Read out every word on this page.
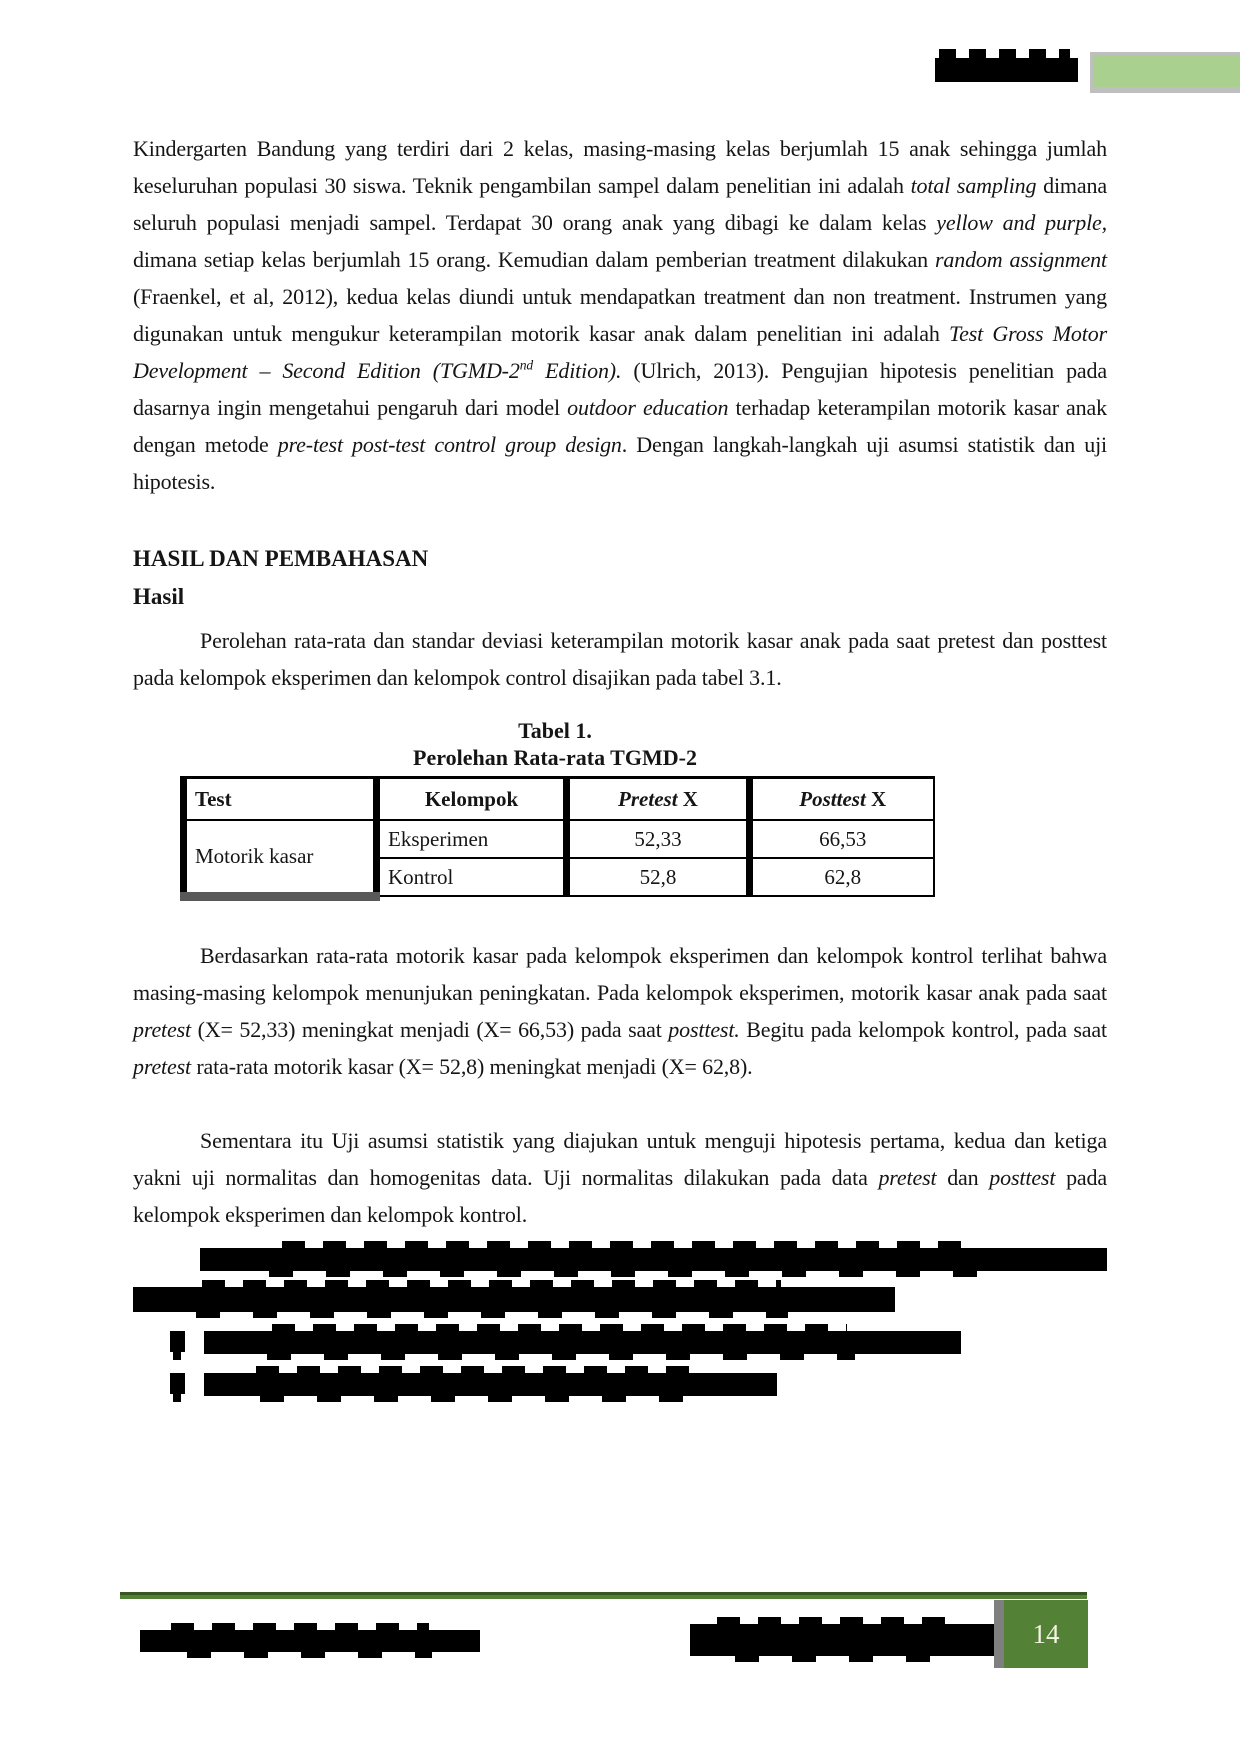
Kindergarten Bandung yang terdiri dari 2 kelas, masing-masing kelas berjumlah 15 anak sehingga jumlah keseluruhan populasi 30 siswa. Teknik pengambilan sampel dalam penelitian ini adalah total sampling dimana seluruh populasi menjadi sampel. Terdapat 30 orang anak yang dibagi ke dalam kelas yellow and purple, dimana setiap kelas berjumlah 15 orang. Kemudian dalam pemberian treatment dilakukan random assignment (Fraenkel, et al, 2012), kedua kelas diundi untuk mendapatkan treatment dan non treatment. Instrumen yang digunakan untuk mengukur keterampilan motorik kasar anak dalam penelitian ini adalah Test Gross Motor Development – Second Edition (TGMD-2nd Edition). (Ulrich, 2013). Pengujian hipotesis penelitian pada dasarnya ingin mengetahui pengaruh dari model outdoor education terhadap keterampilan motorik kasar anak dengan metode pre-test post-test control group design. Dengan langkah-langkah uji asumsi statistik dan uji hipotesis.

HASIL DAN PEMBAHASAN
Hasil

Perolehan rata-rata dan standar deviasi keterampilan motorik kasar anak pada saat pretest dan posttest pada kelompok eksperimen dan kelompok control disajikan pada tabel 3.1.

Tabel 1.
Perolehan Rata-rata TGMD-2
Test	Kelompok	Pretest X	Posttest X
Motorik kasar	Eksperimen	52,33	66,53
	Kontrol	52,8	62,8

Berdasarkan rata-rata motorik kasar pada kelompok eksperimen dan kelompok kontrol terlihat bahwa masing-masing kelompok menunjukan peningkatan. Pada kelompok eksperimen, motorik kasar anak pada saat pretest (X= 52,33) meningkat menjadi (X= 66,53) pada saat posttest. Begitu pada kelompok kontrol, pada saat pretest rata-rata motorik kasar (X= 52,8) meningkat menjadi (X= 62,8).

Sementara itu Uji asumsi statistik yang diajukan untuk menguji hipotesis pertama, kedua dan ketiga yakni uji normalitas dan homogenitas data. Uji normalitas dilakukan pada data pretest dan posttest pada kelompok eksperimen dan kelompok kontrol.

14
